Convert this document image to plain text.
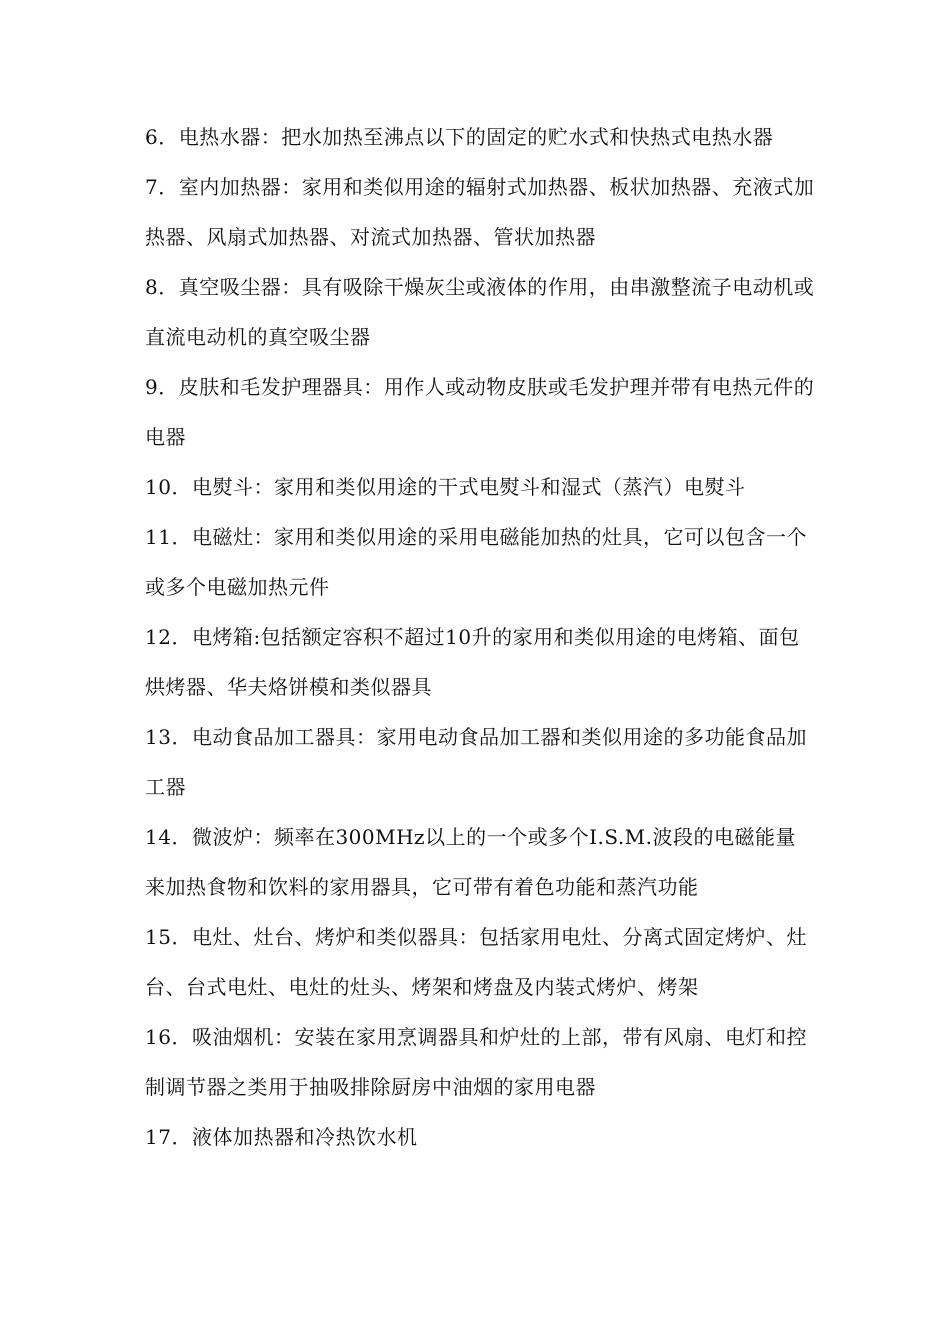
6．电热水器：把水加热至沸点以下的固定的贮水式和快热式电热水器

7．室内加热器：家用和类似用途的辐射式加热器、板状加热器、充液式加热器、风扇式加热器、对流式加热器、管状加热器

8．真空吸尘器：具有吸除干燥灰尘或液体的作用，由串激整流子电动机或直流电动机的真空吸尘器

9．皮肤和毛发护理器具：用作人或动物皮肤或毛发护理并带有电热元件的电器

10．电熨斗：家用和类似用途的干式电熨斗和湿式（蒸汽）电熨斗

11．电磁灶：家用和类似用途的采用电磁能加热的灶具，它可以包含一个或多个电磁加热元件

12．电烤箱:包括额定容积不超过10升的家用和类似用途的电烤箱、面包烘烤器、华夫烙饼模和类似器具

13．电动食品加工器具：家用电动食品加工器和类似用途的多功能食品加工器

14．微波炉：频率在300MHz以上的一个或多个I.S.M.波段的电磁能量来加热食物和饮料的家用器具，它可带有着色功能和蒸汽功能

15．电灶、灶台、烤炉和类似器具：包括家用电灶、分离式固定烤炉、灶台、台式电灶、电灶的灶头、烤架和烤盘及内装式烤炉、烤架

16．吸油烟机：安装在家用烹调器具和炉灶的上部，带有风扇、电灯和控制调节器之类用于抽吸排除厨房中油烟的家用电器

17．液体加热器和冷热饮水机
